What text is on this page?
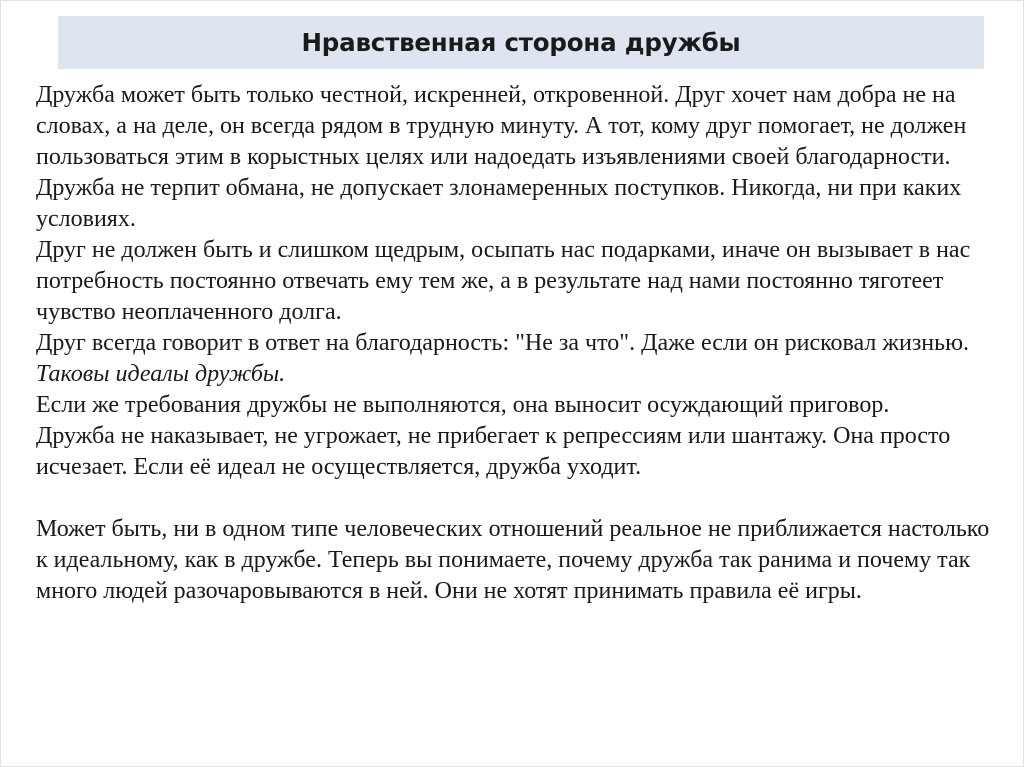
Нравственная сторона дружбы

Дружба может быть только честной, искренней, откровенной. Друг хочет нам добра не на словах, а на деле, он всегда рядом в трудную минуту. А тот, кому друг помогает, не должен пользоваться этим в корыстных целях или надоедать изъявлениями своей благодарности. Дружба не терпит обмана, не допускает злонамеренных поступков. Никогда, ни при каких условиях.

Друг не должен быть и слишком щедрым, осыпать нас подарками, иначе он вызывает в нас потребность постоянно отвечать ему тем же, а в результате над нами постоянно тяготеет чувство неоплаченного долга.

Друг всегда говорит в ответ на благодарность: "Не за что". Даже если он рисковал жизнью. Таковы идеалы дружбы.

Если же требования дружбы не выполняются, она выносит осуждающий приговор.

Дружба не наказывает, не угрожает, не прибегает к репрессиям или шантажу. Она просто исчезает. Если её идеал не осуществляется, дружба уходит.

Может быть, ни в одном типе человеческих отношений реальное не приближается настолько к идеальному, как в дружбе. Теперь вы понимаете, почему дружба так ранима и почему так много людей разочаровываются в ней. Они не хотят принимать правила её игры.
